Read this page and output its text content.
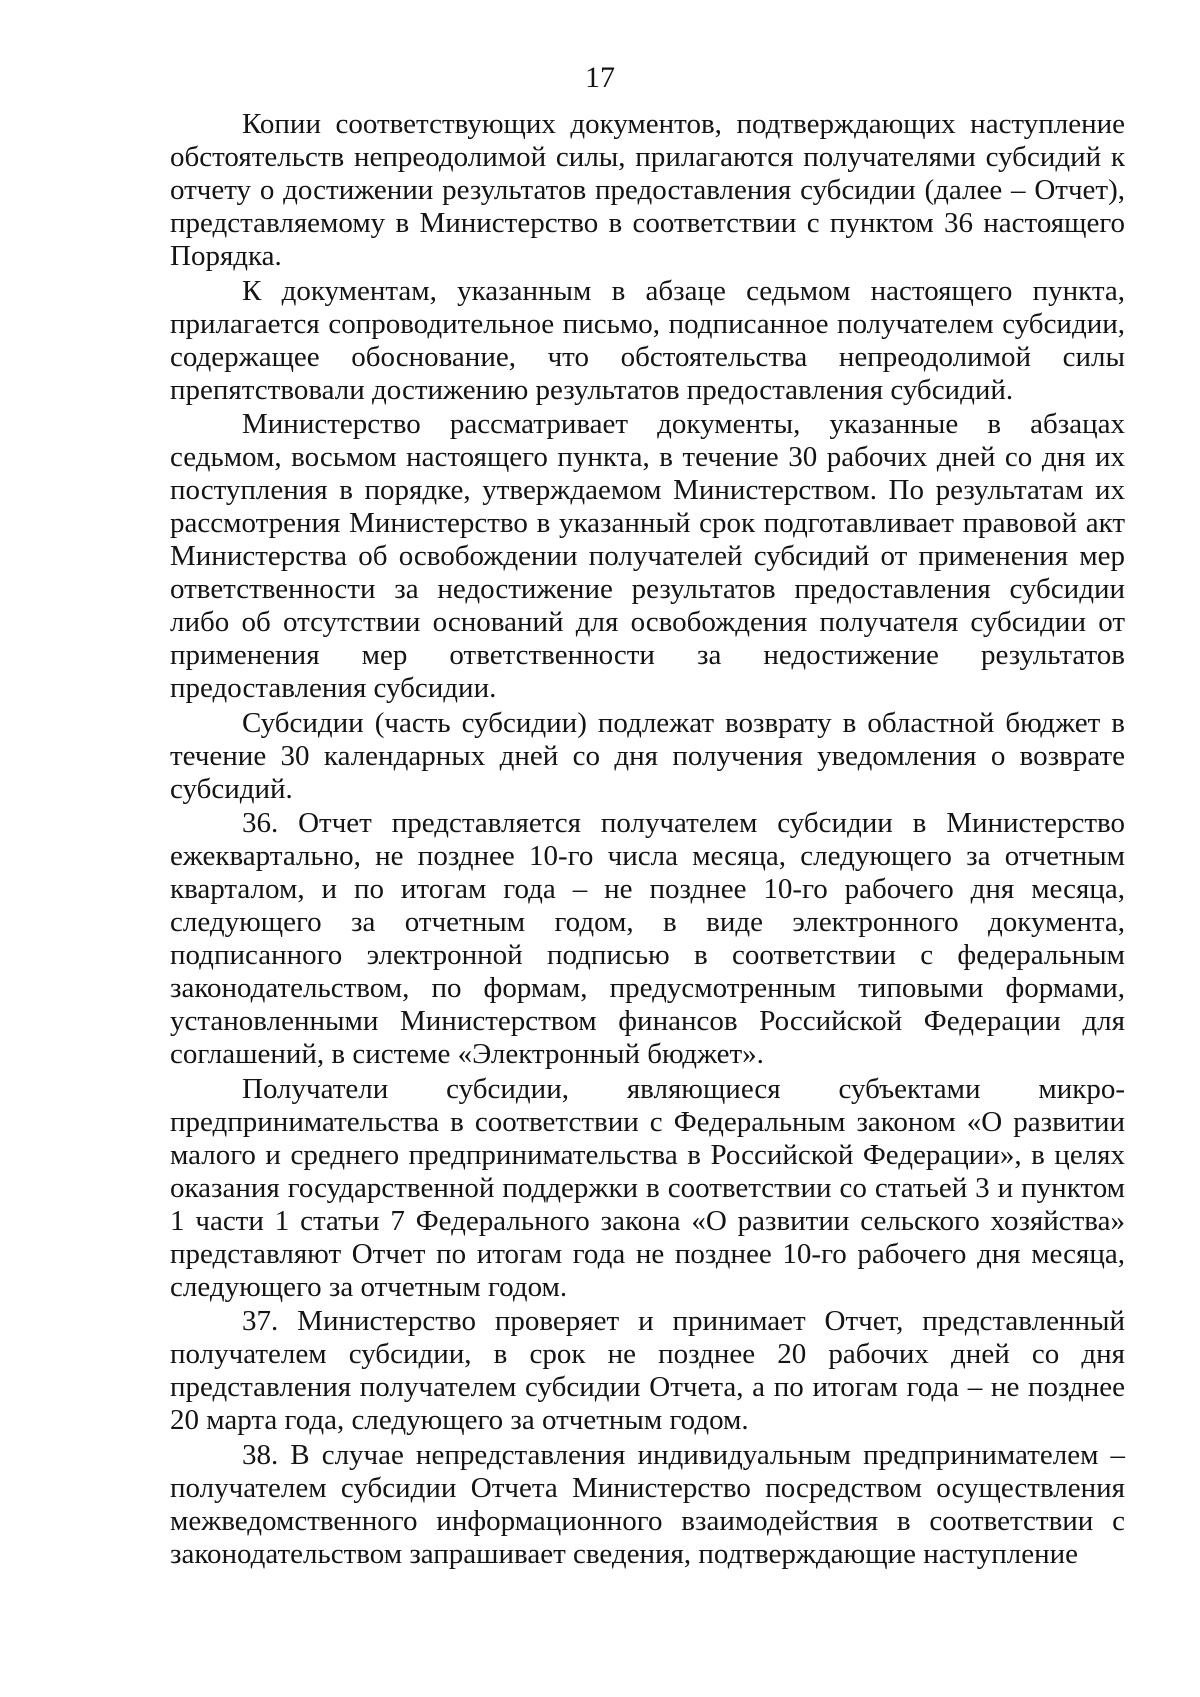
17

Копии соответствующих документов, подтверждающих наступление обстоятельств непреодолимой силы, прилагаются получателями субсидий к отчету о достижении результатов предоставления субсидии (далее – Отчет), представляемому в Министерство в соответствии с пунктом 36 настоящего Порядка.

К документам, указанным в абзаце седьмом настоящего пункта, прилагается сопроводительное письмо, подписанное получателем субсидии, содержащее обоснование, что обстоятельства непреодолимой силы препятствовали достижению результатов предоставления субсидий.

Министерство рассматривает документы, указанные в абзацах седьмом, восьмом настоящего пункта, в течение 30 рабочих дней со дня их поступления в порядке, утверждаемом Министерством. По результатам их рассмотрения Министерство в указанный срок подготавливает правовой акт Министерства об освобождении получателей субсидий от применения мер ответственности за недостижение результатов предоставления субсидии либо об отсутствии оснований для освобождения получателя субсидии от применения мер ответственности за недостижение результатов предоставления субсидии.

Субсидии (часть субсидии) подлежат возврату в областной бюджет в течение 30 календарных дней со дня получения уведомления о возврате субсидий.

36. Отчет представляется получателем субсидии в Министерство ежеквартально, не позднее 10-го числа месяца, следующего за отчетным кварталом, и по итогам года – не позднее 10-го рабочего дня месяца, следующего за отчетным годом, в виде электронного документа, подписанного электронной подписью в соответствии с федеральным законодательством, по формам, предусмотренным типовыми формами, установленными Министерством финансов Российской Федерации для соглашений, в системе «Электронный бюджет».

Получатели субсидии, являющиеся субъектами микро-предпринимательства в соответствии с Федеральным законом «О развитии малого и среднего предпринимательства в Российской Федерации», в целях оказания государственной поддержки в соответствии со статьей 3 и пунктом 1 части 1 статьи 7 Федерального закона «О развитии сельского хозяйства» представляют Отчет по итогам года не позднее 10-го рабочего дня месяца, следующего за отчетным годом.

37. Министерство проверяет и принимает Отчет, представленный получателем субсидии, в срок не позднее 20 рабочих дней со дня представления получателем субсидии Отчета, а по итогам года – не позднее 20 марта года, следующего за отчетным годом.

38. В случае непредставления индивидуальным предпринимателем – получателем субсидии Отчета Министерство посредством осуществления межведомственного информационного взаимодействия в соответствии с законодательством запрашивает сведения, подтверждающие наступление
